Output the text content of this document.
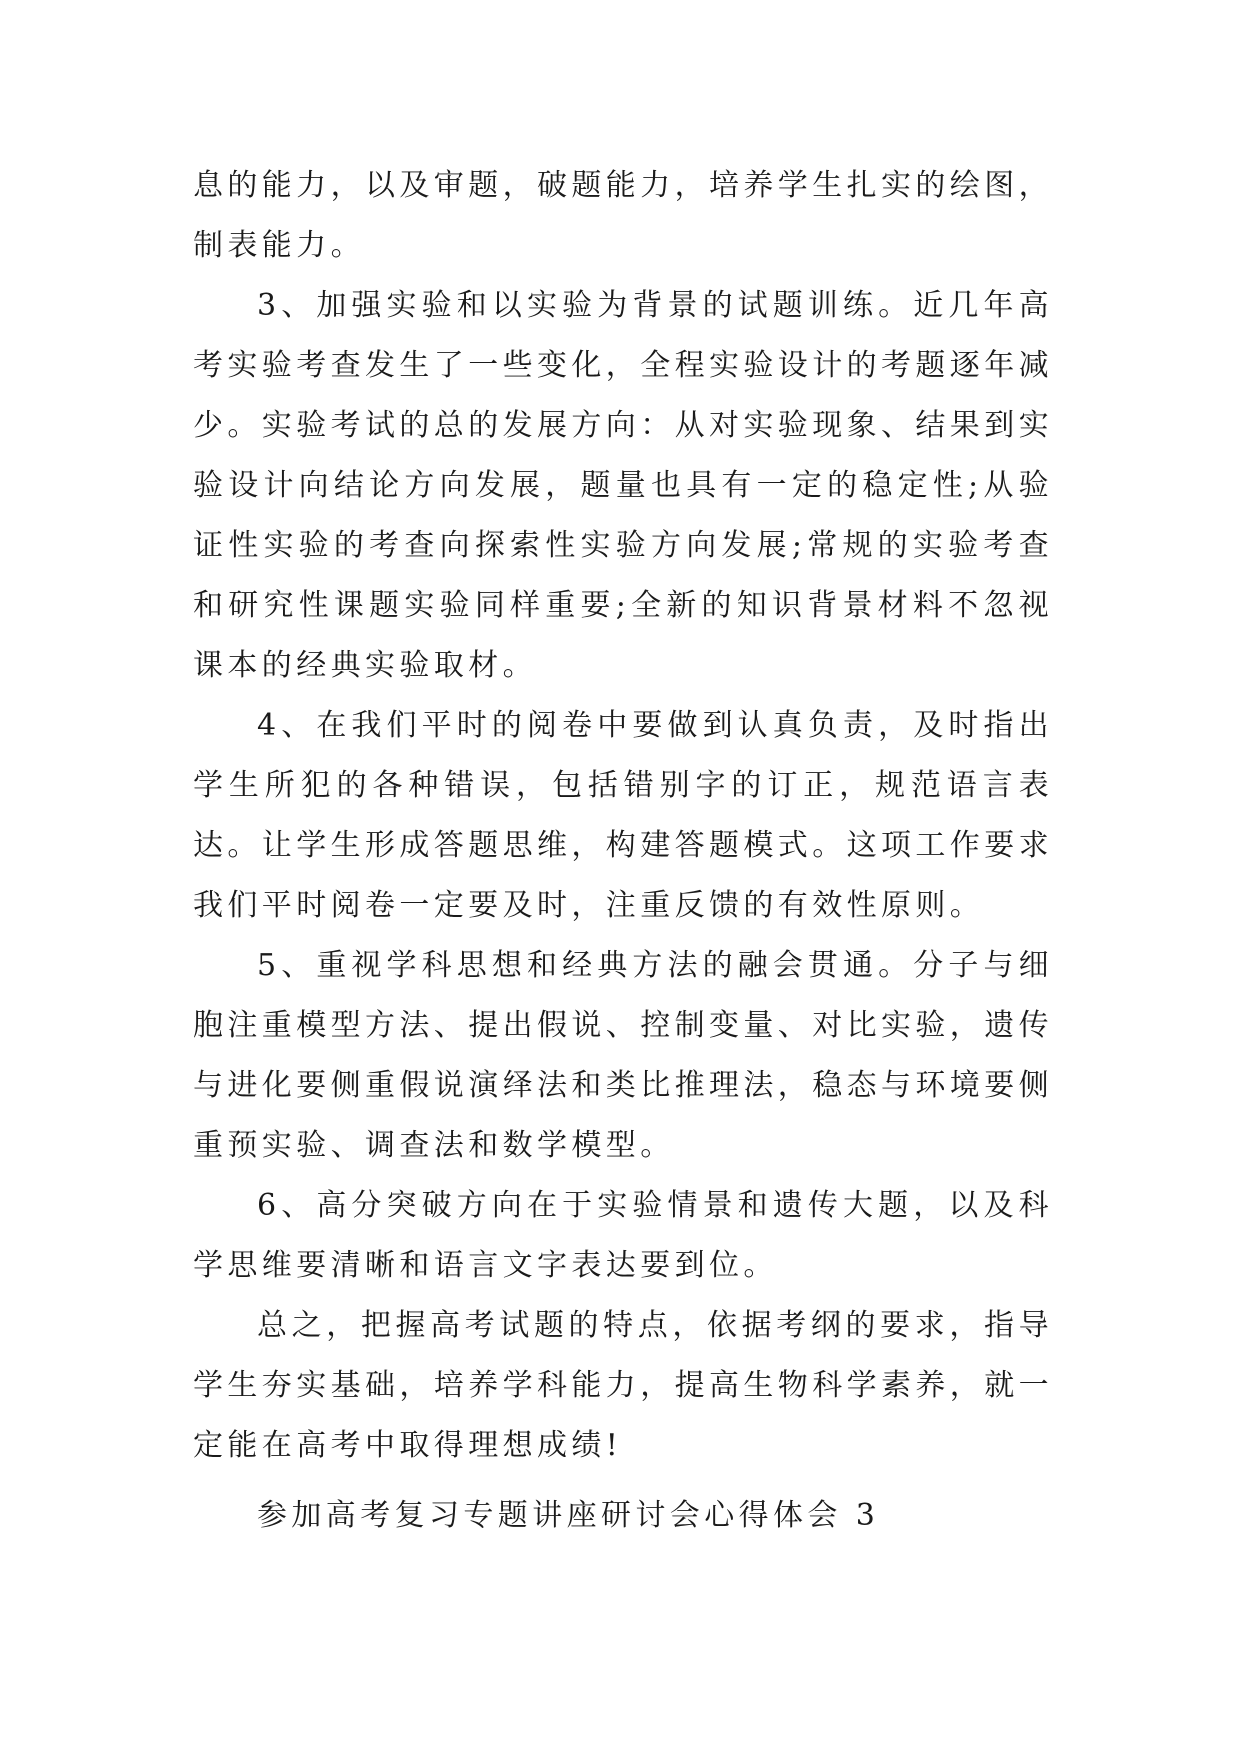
息的能力，以及审题，破题能力，培养学生扎实的绘图，制表能力。

3、加强实验和以实验为背景的试题训练。近几年高考实验考查发生了一些变化，全程实验设计的考题逐年减少。实验考试的总的发展方向：从对实验现象、结果到实验设计向结论方向发展，题量也具有一定的稳定性;从验证性实验的考查向探索性实验方向发展;常规的实验考查和研究性课题实验同样重要;全新的知识背景材料不忽视课本的经典实验取材。

4、在我们平时的阅卷中要做到认真负责，及时指出学生所犯的各种错误，包括错别字的订正，规范语言表达。让学生形成答题思维，构建答题模式。这项工作要求我们平时阅卷一定要及时，注重反馈的有效性原则。

5、重视学科思想和经典方法的融会贯通。分子与细胞注重模型方法、提出假说、控制变量、对比实验，遗传与进化要侧重假说演绎法和类比推理法，稳态与环境要侧重预实验、调查法和数学模型。

6、高分突破方向在于实验情景和遗传大题，以及科学思维要清晰和语言文字表达要到位。

总之，把握高考试题的特点，依据考纲的要求，指导学生夯实基础，培养学科能力，提高生物科学素养，就一定能在高考中取得理想成绩!

参加高考复习专题讲座研讨会心得体会 3
